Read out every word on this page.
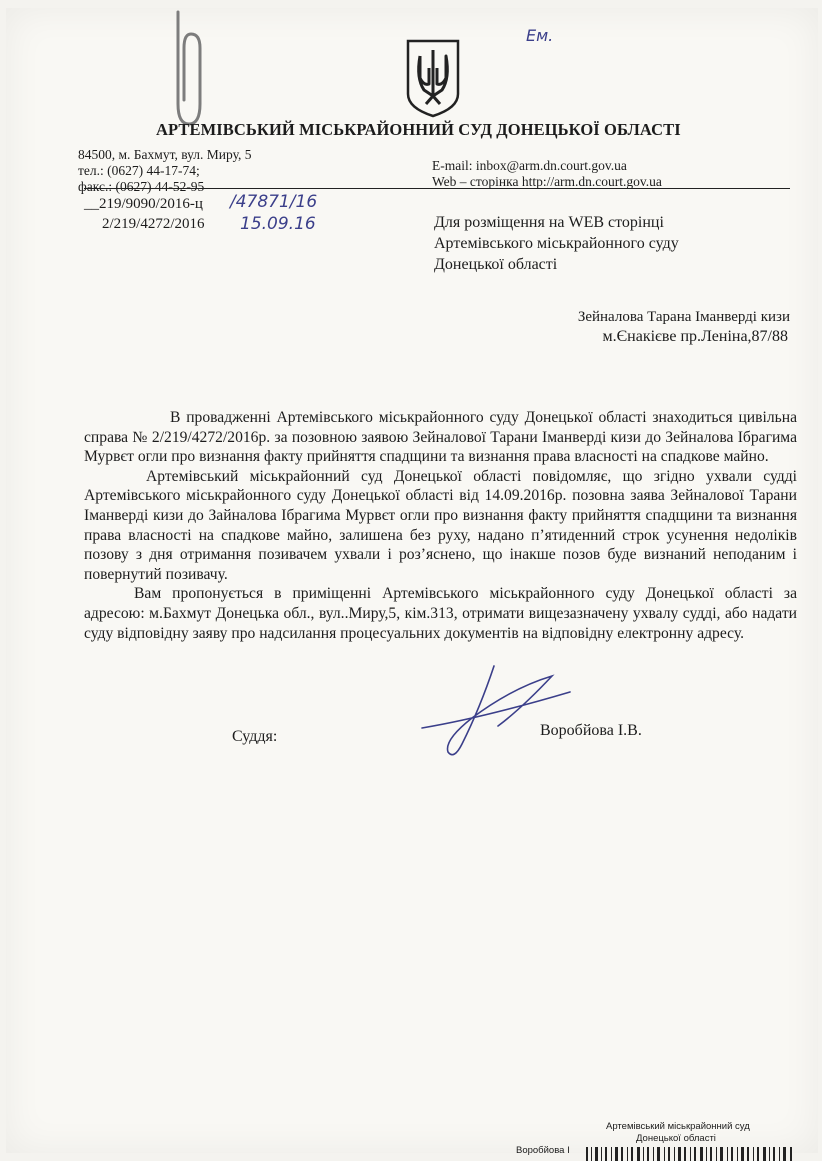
Ем.
АРТЕМІВСЬКИЙ МІСЬКРАЙОННИЙ СУД ДОНЕЦЬКОЇ ОБЛАСТІ
84500, м. Бахмут, вул. Миру, 5
тел.: (0627) 44-17-74;
факс.: (0627) 44-52-95
E-mail: inbox@arm.dn.court.gov.ua
Web – сторінка http://arm.dn.court.gov.ua
__219/9090/2016-ц /47871/16
2/219/4272/2016 15.09.16	Для розміщення на WEB сторінці
Артемівського міськрайонного суду
Донецької області
Зейналова Тарана Іманверді кизи
м.Єнакієве пр.Леніна,87/88

В провадженні Артемівського міськрайонного суду Донецької області знаходиться цивільна справа № 2/219/4272/2016р. за позовною заявою Зейналової Тарани Іманверді кизи до Зейналова Ібрагима Мурвєт огли про визнання факту прийняття спадщини та визнання права власності на спадкове майно.

Артемівський міськрайонний суд Донецької області повідомляє, що згідно ухвали судді Артемівського міськрайонного суду Донецької області від 14.09.2016р. позовна заява Зейналової Тарани Іманверді кизи до Зайналова Ібрагима Мурвєт огли про визнання факту прийняття спадщини та визнання права власності на спадкове майно, залишена без руху, надано п’ятиденний строк усунення недоліків позову з дня отримання позивачем ухвали і роз’яснено, що інакше позов буде визнаний неподаним і повернутий позивачу.

Вам пропонується в приміщенні Артемівського міськрайонного суду Донецької області за адресою: м.Бахмут Донецька обл., вул..Миру,5, кім.313, отримати вищезазначену ухвалу судді, або надати суду відповідну заяву про надсилання процесуальних документів на відповідну електронну адресу.

Суддя:	Воробйова І.В.
Артемівський міськрайонний суд
Донецької області
Воробйова І
